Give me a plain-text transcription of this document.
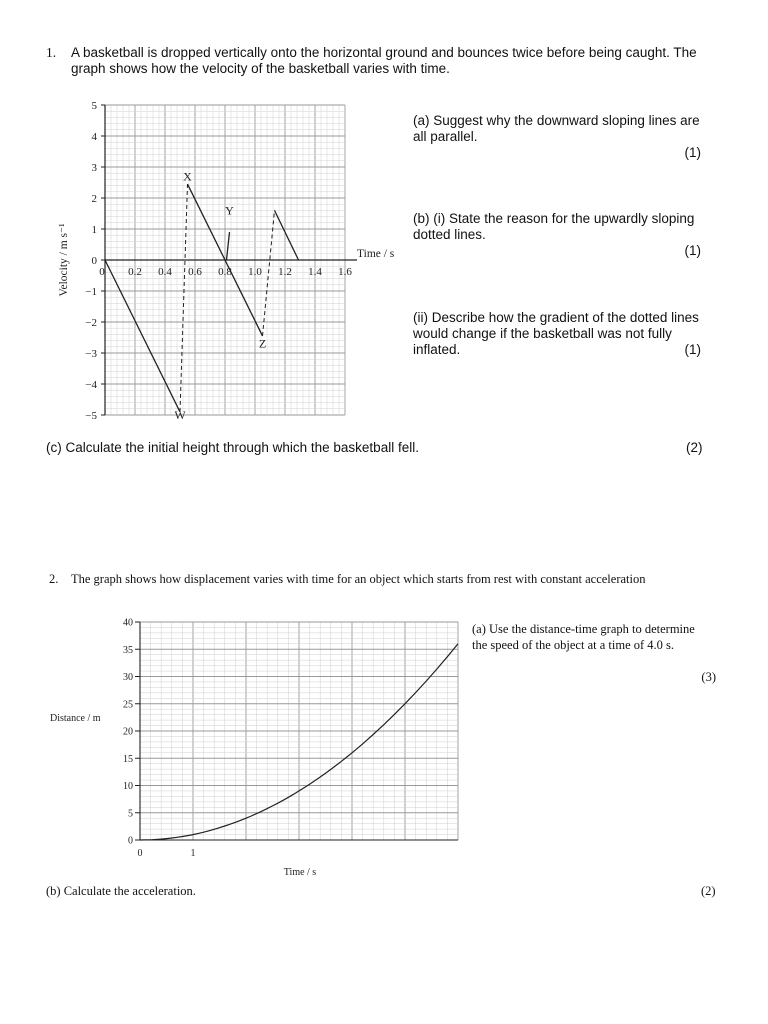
1. A basketball is dropped vertically onto the horizontal ground and bounces twice before being caught. The
graph shows how the velocity of the basketball varies with time.
(a) Suggest why the downward sloping lines are
all parallel.
(1)
(b) (i) State the reason for the upwardly sloping
dotted lines.
(1)
(ii) Describe how the gradient of the dotted lines
would change if the basketball was not fully
inflated.	(1)
(c) Calculate the initial height through which the basketball fell.	(2)
5
4
3
2
1
0
−1
−2
−3
−4
−5
0 0.2 0.4 0.6 0.8 1.0 1.2 1.4 1.6
Time / s
Velocity / m s⁻¹
W
X
Y
Z
2. The graph shows how displacement varies with time for an object which starts from rest with constant acceleration
(a) Use the distance-time graph to determine
the speed of the object at a time of 4.0 s.
(3)
(b) Calculate the acceleration.	(2)
40
35
30
25
20
15
10
5
0
0	1
Distance / m
Time / s
